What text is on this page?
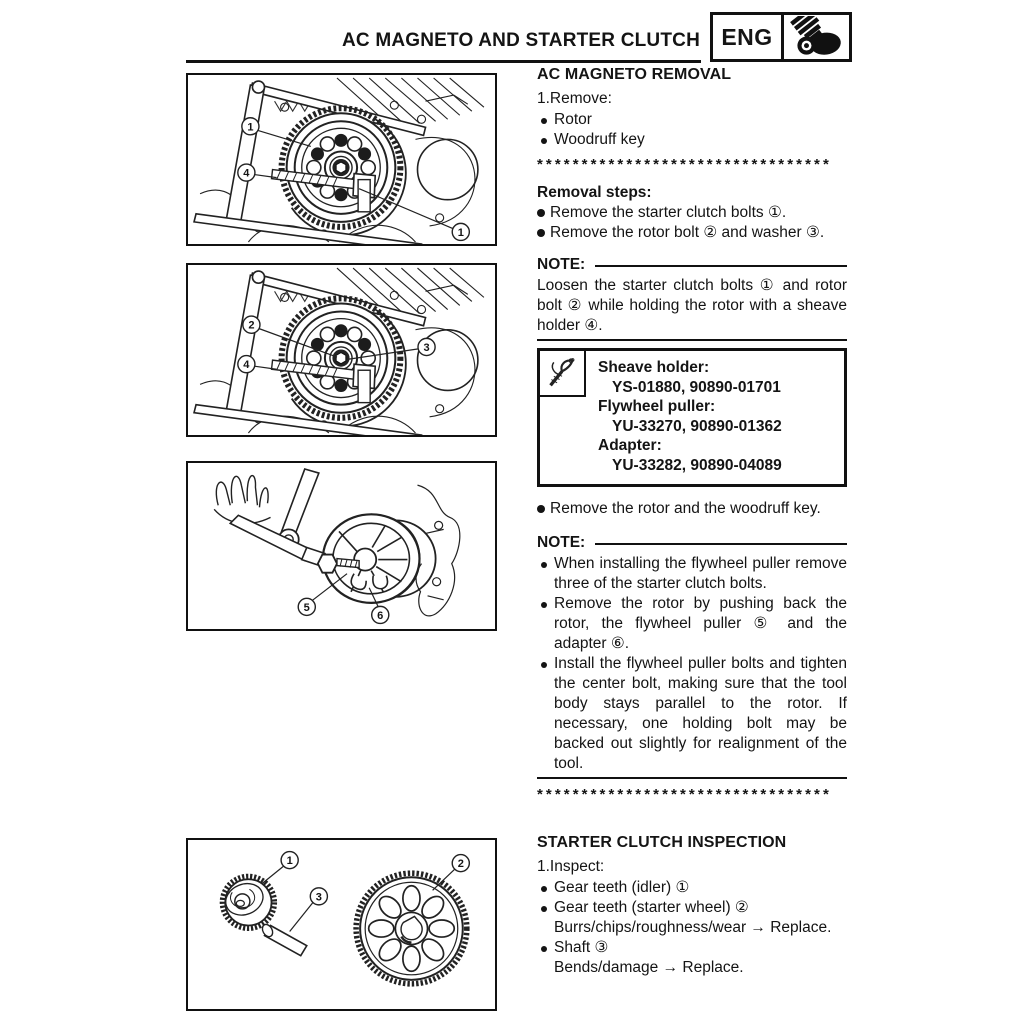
AC MAGNETO AND STARTER CLUTCH ENG
1
4
1
2
4
3
5
6
1
3
2
AC MAGNETO REMOVAL
1.Remove:
Rotor
Woodruff key
*********************************
Removal steps:
Remove the starter clutch bolts ①.
Remove the rotor bolt ② and washer ③.
NOTE:
Loosen the starter clutch bolts ① and rotor bolt ② while holding the rotor with a sheave holder ④.
Sheave holder:
YS-01880, 90890-01701
Flywheel puller:
YU-33270, 90890-01362
Adapter:
YU-33282, 90890-04089
Remove the rotor and the woodruff key.
NOTE:
When installing the flywheel puller remove three of the starter clutch bolts.
Remove the rotor by pushing back the rotor, the flywheel puller ⑤ and the adapter ⑥.
Install the flywheel puller bolts and tighten the center bolt, making sure that the tool body stays parallel to the rotor. If necessary, one holding bolt may be backed out slightly for realignment of the tool.
*********************************
STARTER CLUTCH INSPECTION
1.Inspect:
Gear teeth (idler) ①
Gear teeth (starter wheel) ②
Burrs/chips/roughness/wear → Replace.
Shaft ③
Bends/damage → Replace.
